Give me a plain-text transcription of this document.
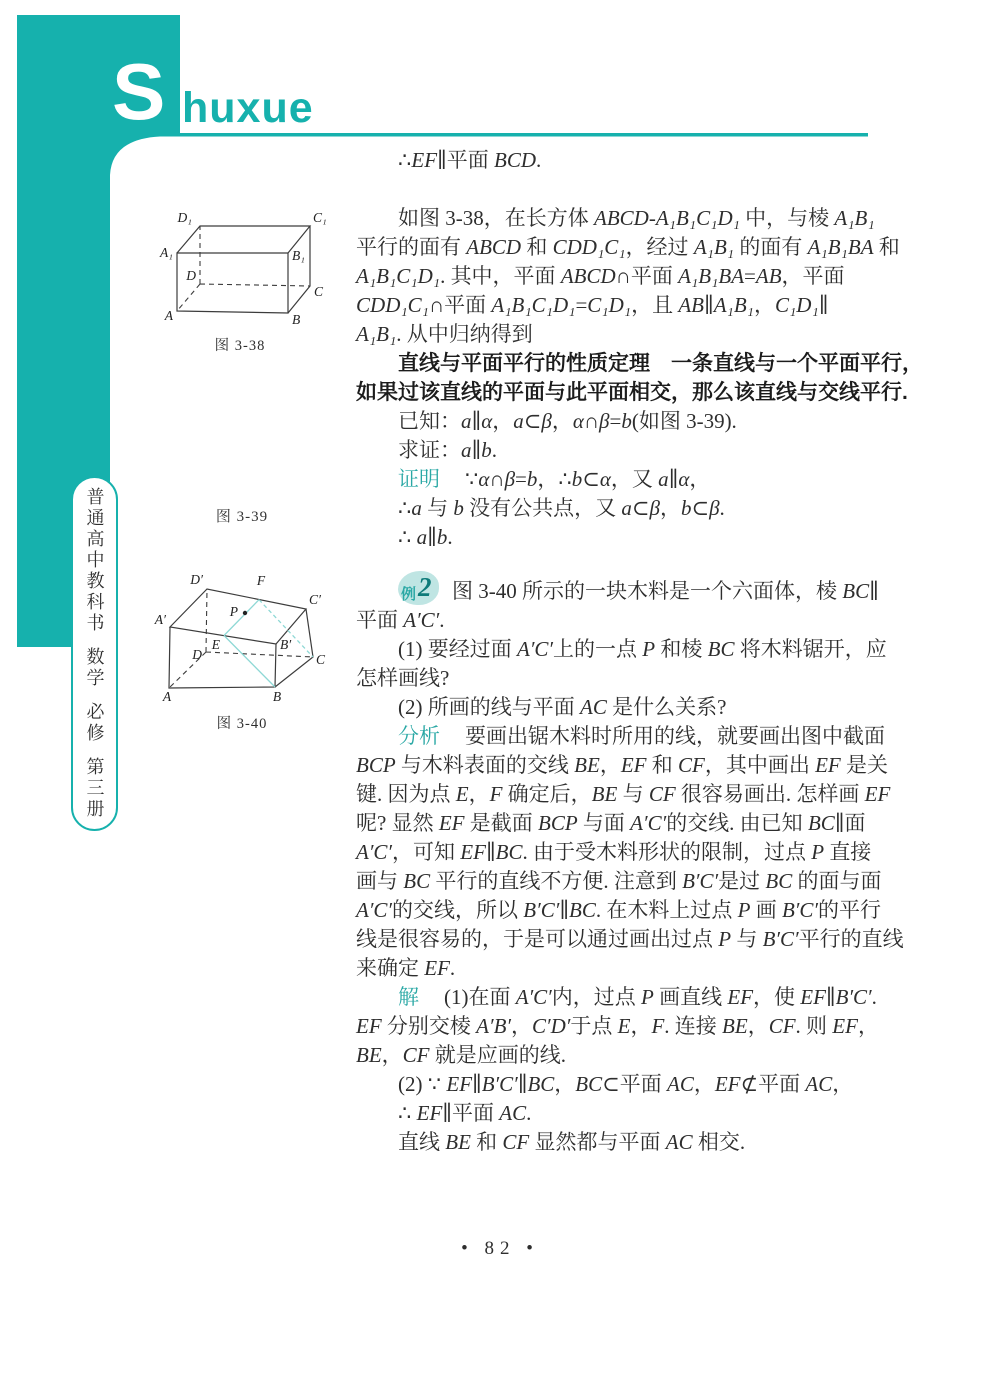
S huxue
普通高中教科书
数学
必修
第三册
D₁	C₁
A₁	B₁
D
C
A	B
图 3-38
图 3-39
D′	F
C′
P
A′
E	B′
D	C
A	B
图 3-40
∴EF∥平面 BCD.
如图 3-38，在长方体 ABCD-A₁B₁C₁D₁ 中，与棱 A₁B₁
平行的面有 ABCD 和 CDD₁C₁，经过 A₁B₁ 的面有 A₁B₁BA 和
A₁B₁C₁D₁. 其中，平面 ABCD∩平面 A₁B₁BA=AB，平面
CDD₁C₁∩平面 A₁B₁C₁D₁=C₁D₁，且 AB∥A₁B₁，C₁D₁∥
A₁B₁. 从中归纳得到
直线与平面平行的性质定理　一条直线与一个平面平行，
如果过该直线的平面与此平面相交，那么该直线与交线平行.
已知：a∥α，a⊂β，α∩β=b(如图 3-39).
求证：a∥b.
证明 ∵α∩β=b，∴b⊂α，又 a∥α，
∴a 与 b 没有公共点，又 a⊂β，b⊂β.
∴ a∥b.
例 2 图 3-40 所示的一块木料是一个六面体，棱 BC∥
平面 A′C′.
(1) 要经过面 A′C′上的一点 P 和棱 BC 将木料锯开，应
怎样画线?
(2) 所画的线与平面 AC 是什么关系?
分析 要画出锯木料时所用的线，就要画出图中截面
BCP 与木料表面的交线 BE，EF 和 CF，其中画出 EF 是关
键. 因为点 E，F 确定后，BE 与 CF 很容易画出. 怎样画 EF
呢? 显然 EF 是截面 BCP 与面 A′C′的交线. 由已知 BC∥面
A′C′，可知 EF∥BC. 由于受木料形状的限制，过点 P 直接
画与 BC 平行的直线不方便. 注意到 B′C′是过 BC 的面与面
A′C′的交线，所以 B′C′∥BC. 在木料上过点 P 画 B′C′的平行
线是很容易的，于是可以通过画出过点 P 与 B′C′平行的直线
来确定 EF.
解 (1)在面 A′C′内，过点 P 画直线 EF，使 EF∥B′C′.
EF 分别交棱 A′B′，C′D′于点 E，F. 连接 BE，CF. 则 EF，
BE，CF 就是应画的线.
(2) ∵ EF∥B′C′∥BC，BC⊂平面 AC，EF⊄平面 AC，
∴ EF∥平面 AC.
直线 BE 和 CF 显然都与平面 AC 相交.
• 82 •
